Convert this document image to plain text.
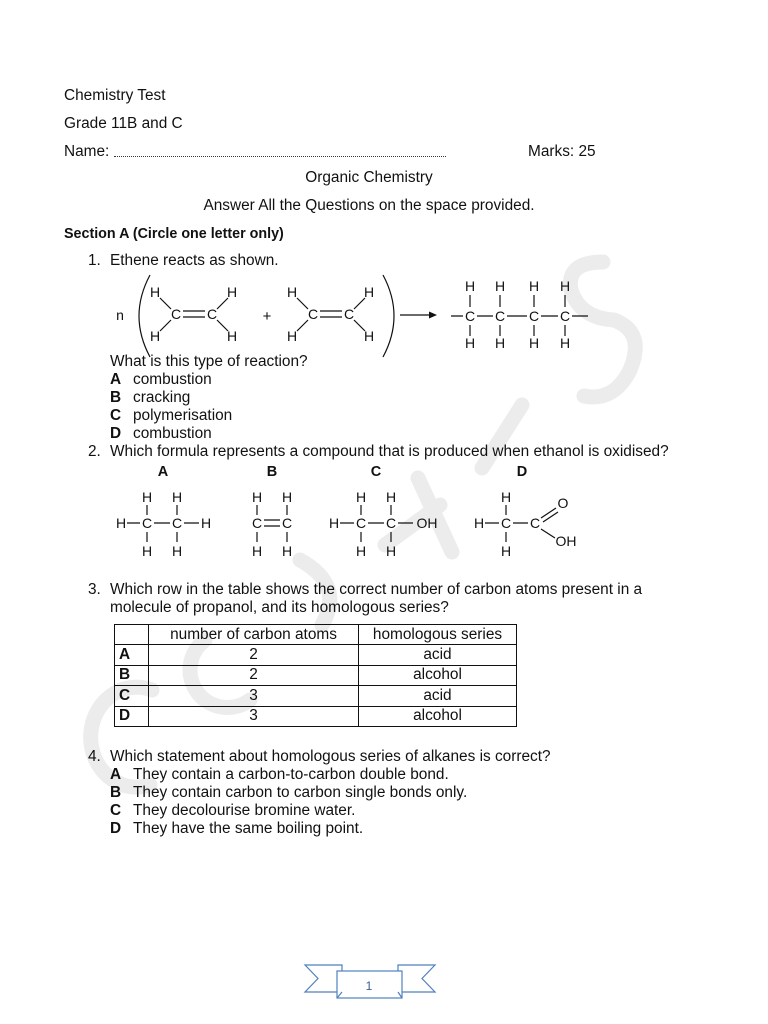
n
H	H
C C
H	H
+
H	H
C C
H	H
H H H H
C C C C
H H H H
A	B	C	D
H H
H C C H
H H
H H
C C
H H
H H
H C C OH
H H
H
H C C
O
OH
H
1
Chemistry Test
Grade 11B and C
Name:	Marks: 25
Organic Chemistry
Answer All the Questions on the space provided.
Section A (Circle one letter only)
1. Ethene reacts as shown.
What is this type of reaction?
A combustion
B cracking
C polymerisation
D combustion
2. Which formula represents a compound that is produced when ethanol is oxidised?
3. Which row in the table shows the correct number of carbon atoms present in a
molecule of propanol, and its homologous series?
	number of carbon atoms	homologous series
A	2	acid
B	2	alcohol
C	3	acid
D	3	alcohol
4. Which statement about homologous series of alkanes is correct?
A They contain a carbon-to-carbon double bond.
B They contain carbon to carbon single bonds only.
C They decolourise bromine water.
D They have the same boiling point.
